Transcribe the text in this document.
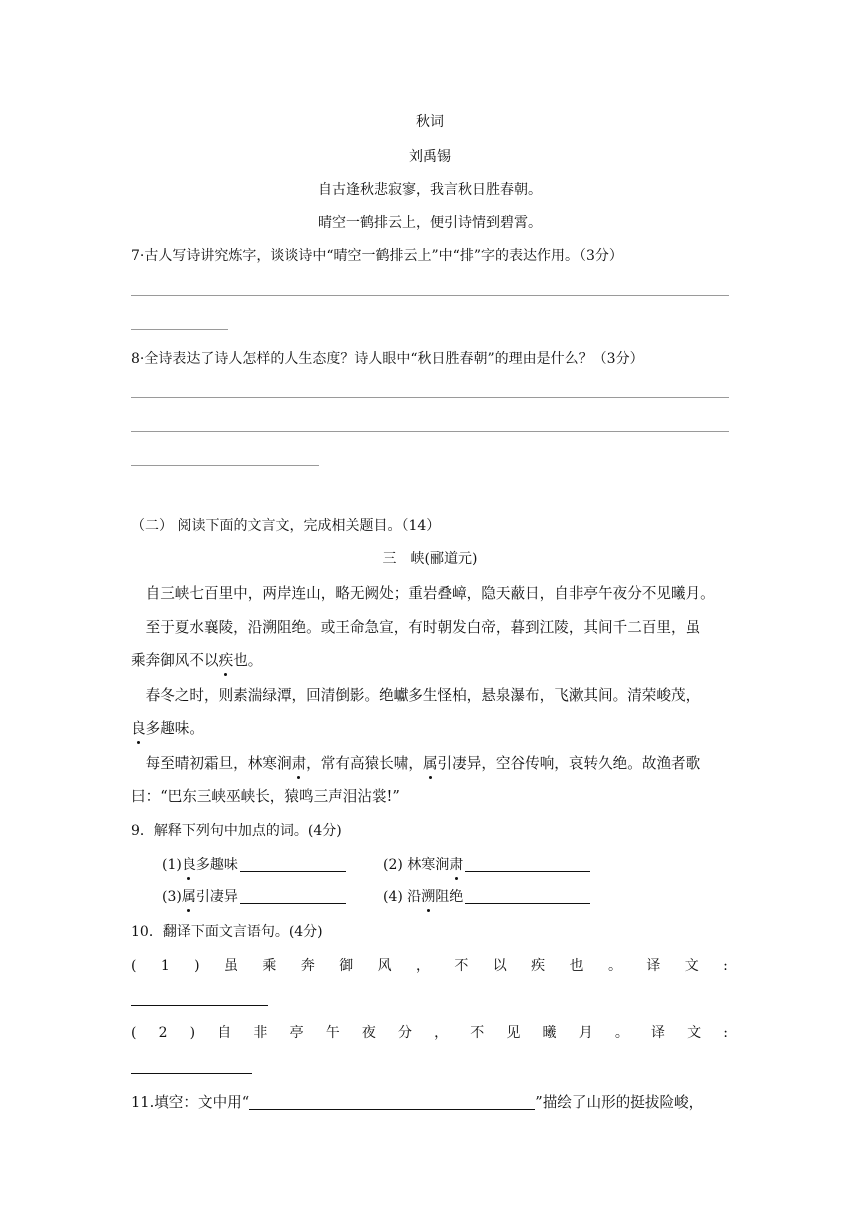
秋词
刘禹锡
自古逢秋悲寂寥，我言秋日胜春朝。
晴空一鹤排云上，便引诗情到碧霄。
7·古人写诗讲究炼字，谈谈诗中“晴空一鹤排云上”中“排”字的表达作用。（3分）
8·全诗表达了诗人怎样的人生态度？诗人眼中“秋日胜春朝”的理由是什么？（3分）
（二） 阅读下面的文言文，完成相关题目。（14）
三　峡(郦道元)
　自三峡七百里中，两岸连山，略无阙处；重岩叠嶂，隐天蔽日，自非亭午夜分不见曦月。
　至于夏水襄陵，沿溯阻绝。或王命急宣，有时朝发白帝，暮到江陵，其间千二百里，虽
乘奔御风不以疾也。
　春冬之时，则素湍绿潭，回清倒影。绝巘多生怪柏，悬泉瀑布，飞漱其间。清荣峻茂，
良多趣味。
　每至晴初霜旦，林寒涧肃，常有高猿长啸，属引凄异，空谷传响，哀转久绝。故渔者歌
曰：“巴东三峡巫峡长，猿鸣三声泪沾裳!”
9．解释下列句中加点的词。(4分)
(1)良多趣味	(2) 林寒涧肃
(3)属引凄异	(4) 沿溯阻绝
10．翻译下面文言语句。(4分)
( 1 ) 虽 乘 奔 御 风 ， 不 以 疾 也 。 译 文 :
( 2 ) 自 非 亭 午 夜 分 ， 不 见 曦 月 。 译 文 :
11.填空：文中用“	”描绘了山形的挺拔险峻，
